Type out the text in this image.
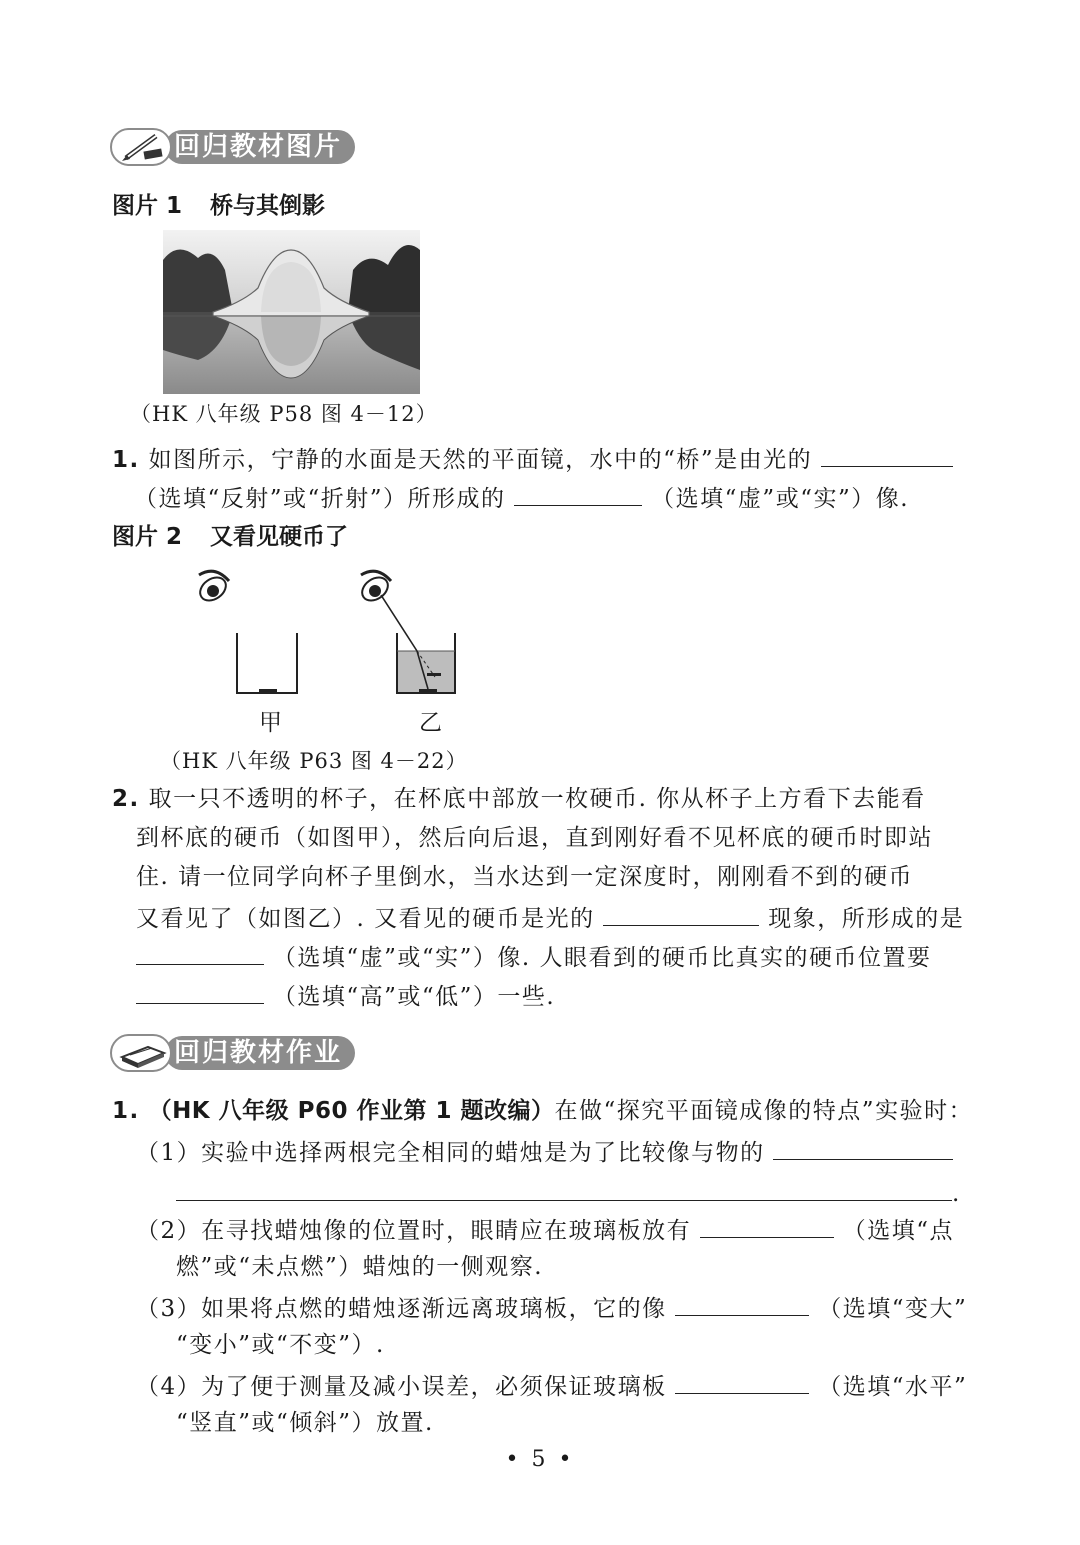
回归教材图片
图片 1 桥与其倒影
（HK 八年级 P58 图 4－12）
1. 如图所示，宁静的水面是天然的平面镜，水中的“桥”是由光的
（选填“反射”或“折射”）所形成的	（选填“虚”或“实”）像.
图片 2 又看见硬币了
甲	乙
（HK 八年级 P63 图 4－22）
2. 取一只不透明的杯子，在杯底中部放一枚硬币. 你从杯子上方看下去能看
到杯底的硬币（如图甲），然后向后退，直到刚好看不见杯底的硬币时即站
住. 请一位同学向杯子里倒水，当水达到一定深度时，刚刚看不到的硬币
又看见了（如图乙）. 又看见的硬币是光的	现象，所形成的是
（选填“虚”或“实”）像. 人眼看到的硬币比真实的硬币位置要
（选填“高”或“低”）一些.
回归教材作业
1. （HK 八年级 P60 作业第 1 题改编）在做“探究平面镜成像的特点”实验时：
（1）实验中选择两根完全相同的蜡烛是为了比较像与物的
.
（2）在寻找蜡烛像的位置时，眼睛应在玻璃板放有	（选填“点
燃”或“未点燃”）蜡烛的一侧观察.
（3）如果将点燃的蜡烛逐渐远离玻璃板，它的像	（选填“变大”
“变小”或“不变”）.
（4）为了便于测量及减小误差，必须保证玻璃板	（选填“水平”
“竖直”或“倾斜”）放置.
• 5 •
